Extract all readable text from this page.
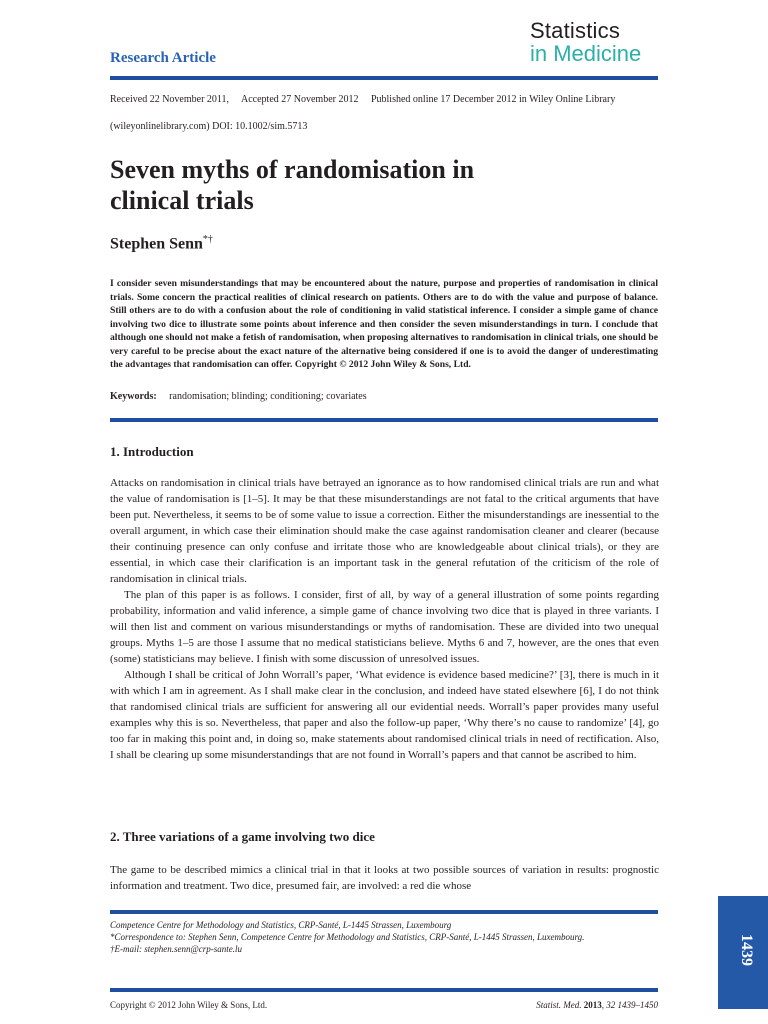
Statistics
in Medicine
Research Article
Received 22 November 2011, Accepted 27 November 2012 Published online 17 December 2012 in Wiley Online Library
(wileyonlinelibrary.com) DOI: 10.1002/sim.5713
Seven myths of randomisation in
clinical trials
Stephen Senn*†
I consider seven misunderstandings that may be encountered about the nature, purpose and properties of randomisation in clinical trials. Some concern the practical realities of clinical research on patients. Others are to do with the value and purpose of balance. Still others are to do with a confusion about the role of conditioning in valid statistical inference. I consider a simple game of chance involving two dice to illustrate some points about inference and then consider the seven misunderstandings in turn. I conclude that although one should not make a fetish of randomisation, when proposing alternatives to randomisation in clinical trials, one should be very careful to be precise about the exact nature of the alternative being considered if one is to avoid the danger of underestimating the advantages that randomisation can offer. Copyright © 2012 John Wiley & Sons, Ltd.
Keywords: randomisation; blinding; conditioning; covariates
1. Introduction

Attacks on randomisation in clinical trials have betrayed an ignorance as to how randomised clinical trials are run and what the value of randomisation is [1–5]. It may be that these misunderstandings are not fatal to the critical arguments that have been put. Nevertheless, it seems to be of some value to issue a correction. Either the misunderstandings are inessential to the overall argument, in which case their elimination should make the case against randomisation cleaner and clearer (because their continuing presence can only confuse and irritate those who are knowledgeable about clinical trials), or they are essential, in which case their clarification is an important task in the general refutation of the criticism of the role of randomisation in clinical trials.

The plan of this paper is as follows. I consider, first of all, by way of a general illustration of some points regarding probability, information and valid inference, a simple game of chance involving two dice that is played in three variants. I will then list and comment on various misunderstandings or myths of randomisation. These are divided into two unequal groups. Myths 1–5 are those I assume that no medical statisticians believe. Myths 6 and 7, however, are the ones that even (some) statisticians may believe. I finish with some discussion of unresolved issues.

Although I shall be critical of John Worrall’s paper, ‘What evidence is evidence based medicine?’ [3], there is much in it with which I am in agreement. As I shall make clear in the conclusion, and indeed have stated elsewhere [6], I do not think that randomised clinical trials are sufficient for answering all our evidential needs. Worrall’s paper provides many useful examples why this is so. Nevertheless, that paper and also the follow-up paper, ‘Why there’s no cause to randomize’ [4], go too far in making this point and, in doing so, make statements about randomised clinical trials in need of rectification. Also, I shall be clearing up some misunderstandings that are not found in Worrall’s papers and that cannot be ascribed to him.

2. Three variations of a game involving two dice

The game to be described mimics a clinical trial in that it looks at two possible sources of variation in results: prognostic information and treatment. Two dice, presumed fair, are involved: a red die whose

Competence Centre for Methodology and Statistics, CRP-Santé, L-1445 Strassen, Luxembourg

*Correspondence to: Stephen Senn, Competence Centre for Methodology and Statistics, CRP-Santé, L-1445 Strassen, Luxembourg.

†E-mail: stephen.senn@crp-sante.lu

Copyright © 2012 John Wiley & Sons, Ltd.	Statist. Med. 2013, 32 1439–1450
1439
